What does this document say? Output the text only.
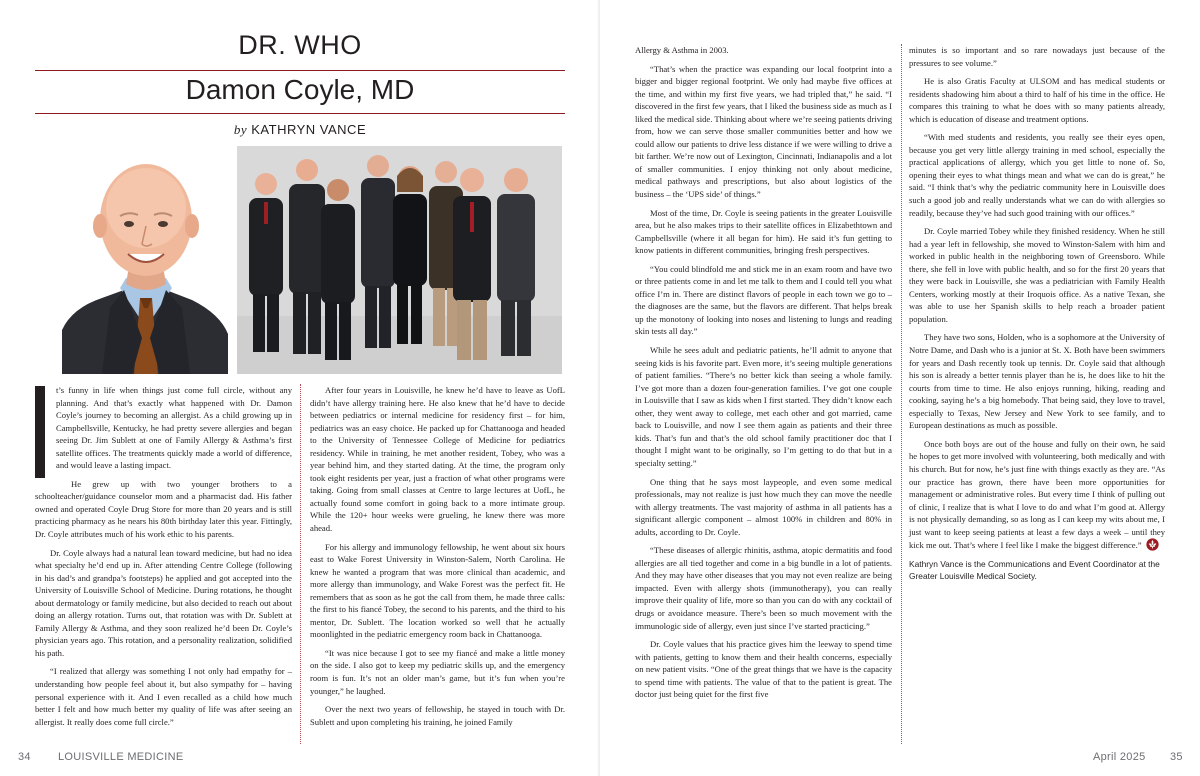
DR. WHO
Damon Coyle, MD
by KATHRYN VANCE

t’s funny in life when things just come full circle, without any planning. And that’s exactly what happened with Dr. Damon Coyle’s journey to becoming an allergist. As a child growing up in Campbellsville, Kentucky, he had pretty severe allergies and began seeing Dr. Jim Sublett at one of Family Allergy & Asthma’s first satellite offices. The treatments quickly made a world of difference, and would leave a lasting impact.

He grew up with two younger brothers to a schoolteacher/guidance counselor mom and a pharmacist dad. His father owned and operated Coyle Drug Store for more than 20 years and is still practicing pharmacy as he nears his 80th birthday later this year. Fittingly, Dr. Coyle attributes much of his work ethic to his parents.

Dr. Coyle always had a natural lean toward medicine, but had no idea what specialty he’d end up in. After attending Centre College (following in his dad’s and grandpa’s footsteps) he applied and got accepted into the University of Louisville School of Medicine. During rotations, he thought about dermatology or family medicine, but also decided to reach out about doing an allergy rotation. Turns out, that rotation was with Dr. Sublett at Family Allergy & Asthma, and they soon realized he’d been Dr. Coyle’s physician years ago. This rotation, and a personality realization, solidified his path.

“I realized that allergy was something I not only had empathy for – understanding how people feel about it, but also sympathy for – having personal experience with it. And I even recalled as a child how much better I felt and how much better my quality of life was after seeing an allergist. It really does come full circle.”

After four years in Louisville, he knew he’d have to leave as UofL didn’t have allergy training here. He also knew that he’d have to decide between pediatrics or internal medicine for residency first – for him, pediatrics was an easy choice. He packed up for Chattanooga and headed to the University of Tennessee College of Medicine for pediatrics residency. While in training, he met another resident, Tobey, who was a year behind him, and they started dating. At the time, the program only took eight residents per year, just a fraction of what other programs were taking. Going from small classes at Centre to large lectures at UofL, he actually found some comfort in going back to a more intimate group. While the 120+ hour weeks were grueling, he knew there was more ahead.

For his allergy and immunology fellowship, he went about six hours east to Wake Forest University in Winston-Salem, North Carolina. He knew he wanted a program that was more clinical than academic, and more allergy than immunology, and Wake Forest was the perfect fit. He remembers that as soon as he got the call from them, he made three calls: the first to his fiancé Tobey, the second to his parents, and the third to his mentor, Dr. Sublett. The location worked so well that he actually moonlighted in the pediatric emergency room back in Chattanooga.

“It was nice because I got to see my fiancé and make a little money on the side. I also got to keep my pediatric skills up, and the emergency room is fun. It’s not an older man’s game, but it’s fun when you’re younger,” he laughed.

Over the next two years of fellowship, he stayed in touch with Dr. Sublett and upon completing his training, he joined Family

34 LOUISVILLE MEDICINE

Allergy & Asthma in 2003.

“That’s when the practice was expanding our local footprint into a bigger and bigger regional footprint. We only had maybe five offices at the time, and within my first five years, we had tripled that,” he said. “I discovered in the first few years, that I liked the business side as much as I liked the medical side. Thinking about where we’re seeing patients driving from, how we can serve those smaller communities better and how we could allow our patients to drive less distance if we were willing to drive a bit farther. We’re now out of Lexington, Cincinnati, Indianapolis and a lot of smaller communities. I enjoy thinking not only about medicine, medical pathways and prescriptions, but also about logistics of the business – the ‘UPS side’ of things.”

Most of the time, Dr. Coyle is seeing patients in the greater Louisville area, but he also makes trips to their satellite offices in Elizabethtown and Campbellsville (where it all began for him). He said it’s fun getting to know patients in different communities, bringing fresh perspectives.

“You could blindfold me and stick me in an exam room and have two or three patients come in and let me talk to them and I could tell you what office I’m in. There are distinct flavors of people in each town we go to – the diagnoses are the same, but the flavors are different. That helps break up the monotony of looking into noses and listening to lungs and reading skin tests all day.”

While he sees adult and pediatric patients, he’ll admit to anyone that seeing kids is his favorite part. Even more, it’s seeing multiple generations of patient families. “There’s no better kick than seeing a whole family. I’ve got more than a dozen four-generation families. I’ve got one couple in Louisville that I saw as kids when I first started. They didn’t know each other, they went away to college, met each other and got married, came back to Louisville, and now I see them again as patients and their three kids. That’s fun and that’s the old school family practitioner doc that I thought I might want to be originally, so I’m getting to do that but in a specialty setting.”

One thing that he says most laypeople, and even some medical professionals, may not realize is just how much they can move the needle with allergy treatments. The vast majority of asthma in all patients has a significant allergic component – almost 100% in children and 80% in adults, according to Dr. Coyle.

“These diseases of allergic rhinitis, asthma, atopic dermatitis and food allergies are all tied together and come in a big bundle in a lot of patients. And they may have other diseases that you may not even realize are being impacted. Even with allergy shots (immunotherapy), you can really improve their quality of life, more so than you can do with any cocktail of drugs or avoidance measure. There’s been so much movement with the immunologic side of allergy, even just since I’ve started practicing.”

Dr. Coyle values that his practice gives him the leeway to spend time with patients, getting to know them and their health concerns, especially on new patient visits. “One of the great things that we have is the capacity to spend time with patients. The value of that to the patient is great. The doctor just being quiet for the first five

minutes is so important and so rare nowadays just because of the pressures to see volume.”

He is also Gratis Faculty at ULSOM and has medical students or residents shadowing him about a third to half of his time in the office. He compares this training to what he does with so many patients already, which is education of disease and treatment options.

“With med students and residents, you really see their eyes open, because you get very little allergy training in med school, especially the practical applications of allergy, which you get little to none of. So, opening their eyes to what things mean and what we can do is great,” he said. “I think that’s why the pediatric community here in Louisville does such a good job and really understands what we can do with allergies so readily, because they’ve had such good training with our offices.”

Dr. Coyle married Tobey while they finished residency. When he still had a year left in fellowship, she moved to Winston-Salem with him and worked in public health in the neighboring town of Greensboro. While there, she fell in love with public health, and so for the first 20 years that they were back in Louisville, she was a pediatrician with Family Health Centers, working mostly at their Iroquois office. As a native Texan, she was able to use her Spanish skills to help reach a broader patient population.

They have two sons, Holden, who is a sophomore at the University of Notre Dame, and Dash who is a junior at St. X. Both have been swimmers for years and Dash recently took up tennis. Dr. Coyle said that although his son is already a better tennis player than he is, he does like to hit the courts from time to time. He also enjoys running, hiking, reading and cooking, saying he’s a big homebody. That being said, they love to travel, especially to Texas, New Jersey and New York to see family, and to European destinations as much as possible.

Once both boys are out of the house and fully on their own, he said he hopes to get more involved with volunteering, both medically and with his church. But for now, he’s just fine with things exactly as they are. “As our practice has grown, there have been more opportunities for management or administrative roles. But every time I think of pulling out of clinic, I realize that is what I love to do and what I’m good at. Allergy is not physically demanding, so as long as I can keep my wits about me, I just want to keep seeing patients at least a few days a week – until they kick me out. That’s where I feel like I make the biggest difference.”

Kathryn Vance is the Communications and Event Coordinator at the Greater Louisville Medical Society.

April 2025 35
